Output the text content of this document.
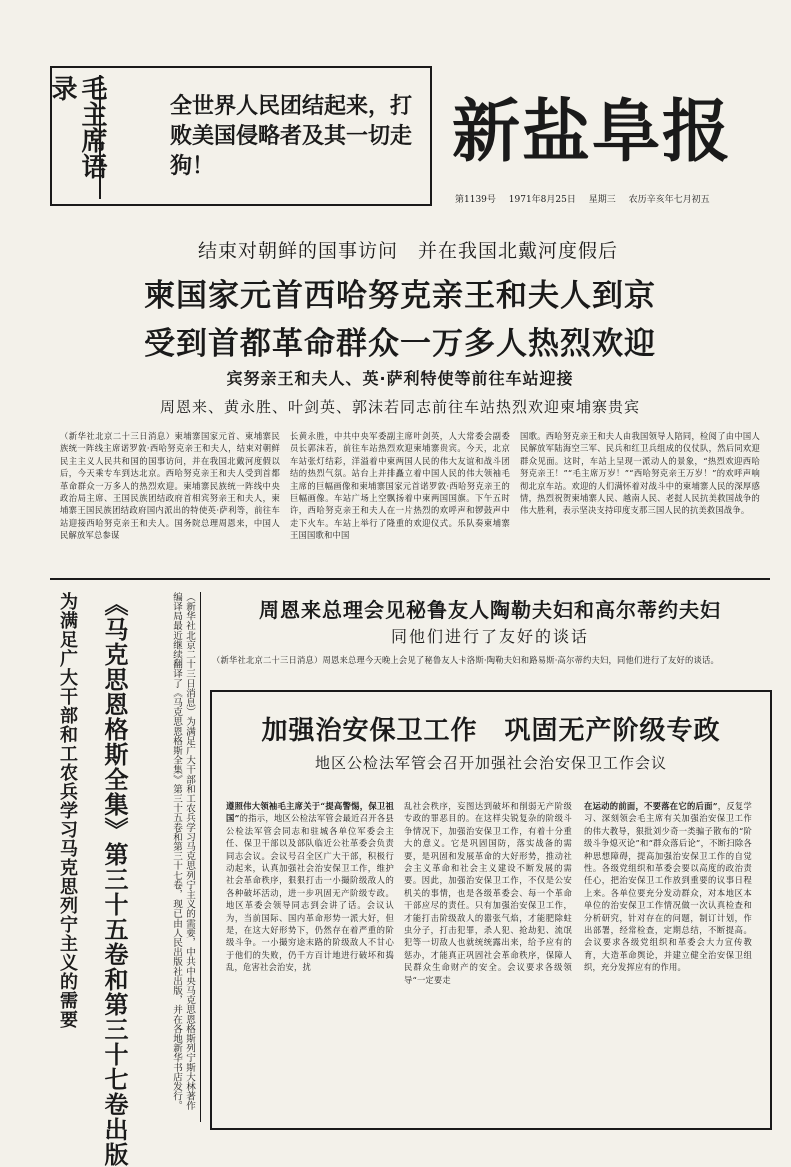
毛主席语录
全世界人民团结起来，打败美国侵略者及其一切走狗！	新盐阜报
第1139号 1971年8月25日 星期三 农历辛亥年七月初五
结束对朝鲜的国事访问　并在我国北戴河度假后
柬国家元首西哈努克亲王和夫人到京
受到首都革命群众一万多人热烈欢迎
宾努亲王和夫人、英·萨利特使等前往车站迎接
周恩来、黄永胜、叶剑英、郭沫若同志前往车站热烈欢迎柬埔寨贵宾
（新华社北京二十三日消息）柬埔寨国家元首、柬埔寨民族统一阵线主席诺罗敦·西哈努克亲王和夫人，结束对朝鲜民主主义人民共和国的国事访问，并在我国北戴河度假以后，今天乘专车到达北京。西哈努克亲王和夫人受到首都革命群众一万多人的热烈欢迎。柬埔寨民族统一阵线中央政治局主席、王国民族团结政府首相宾努亲王和夫人，柬埔寨王国民族团结政府国内派出的特使英·萨利等，前往车站迎接西哈努克亲王和夫人。国务院总理周恩来，中国人民解放军总参谋
长黄永胜，中共中央军委副主席叶剑英，人大常委会副委员长郭沫若，前往车站热烈欢迎柬埔寨贵宾。今天，北京车站张灯结彩，洋溢着中柬两国人民的伟大友谊和战斗团结的热烈气氛。站台上并排矗立着中国人民的伟大领袖毛主席的巨幅画像和柬埔寨国家元首诺罗敦·西哈努克亲王的巨幅画像。车站广场上空飘扬着中柬两国国旗。下午五时许，西哈努克亲王和夫人在一片热烈的欢呼声和锣鼓声中走下火车。车站上举行了隆重的欢迎仪式。乐队奏柬埔寨王国国歌和中国
国歌。西哈努克亲王和夫人由我国领导人陪同，检阅了由中国人民解放军陆海空三军、民兵和红卫兵组成的仪仗队，然后同欢迎群众见面。这时，车站上呈现一派动人的景象，“热烈欢迎西哈努克亲王！”“毛主席万岁！”“西哈努克亲王万岁！”的欢呼声响彻北京车站。欢迎的人们满怀着对战斗中的柬埔寨人民的深厚感情，热烈祝贺柬埔寨人民、越南人民、老挝人民抗美救国战争的伟大胜利，表示坚决支持印度支那三国人民的抗美救国战争。
为满足广大干部和工农兵学习马克思列宁主义的需要 《马克思恩格斯全集》第三十五卷和第三十七卷出版	（新华社北京二十三日消息）为满足广大干部和工农兵学习马克思列宁主义的需要，中共中央马克思恩格斯列宁斯大林著作编译局最近继续翻译了《马克思恩格斯全集》第三十五卷和第三十七卷，现已由人民出版社出版，并在各地新华书店发行。	周恩来总理会见秘鲁友人陶勒夫妇和高尔蒂约夫妇
同他们进行了友好的谈话
（新华社北京二十三日消息）周恩来总理今天晚上会见了秘鲁友人卡洛斯·陶勒夫妇和路易斯·高尔蒂约夫妇，同他们进行了友好的谈话。
加强治安保卫工作　巩固无产阶级专政
地区公检法军管会召开加强社会治安保卫工作会议
遵照伟大领袖毛主席关于“提高警惕，保卫祖国”的指示，地区公检法军管会最近召开各县公检法军管会同志和驻城各单位军委会主任、保卫干部以及部队临近公社革委会负责同志会议。会议号召全区广大干部，积极行动起来，认真加强社会治安保卫工作，维护社会革命秩序，狠狠打击一小撮阶级敌人的各种破坏活动，进一步巩固无产阶级专政。地区革委会领导同志到会讲了话。会议认为，当前国际、国内革命形势一派大好，但是，在这大好形势下，仍然存在着严重的阶级斗争。一小撮穷途末路的阶级敌人不甘心于他们的失败，仍千方百计地进行破坏和捣乱，危害社会治安，扰
乱社会秩序，妄图达到破坏和削弱无产阶级专政的罪恶目的。在这样尖锐复杂的阶级斗争情况下，加强治安保卫工作，有着十分重大的意义。它是巩固国防，落实战备的需要，是巩固和发展革命的大好形势，推动社会主义革命和社会主义建设不断发展的需要。因此，加强治安保卫工作，不仅是公安机关的事情，也是各级革委会、每一个革命干部应尽的责任。只有加强治安保卫工作，才能打击阶级敌人的嚣张气焰，才能肥除蛀虫分子，打击犯罪，杀人犯、抢劫犯、流氓犯等一切敌人也就统统露出来，给予应有的惩办，才能真正巩固社会革命秩序，保障人民群众生命财产的安全。会议要求各级领导“一定要走
在运动的前面，不要落在它的后面”，反复学习、深刻领会毛主席有关加强治安保卫工作的伟大教导，狠批刘少奇一类骗子散布的“阶级斗争熄灭论”和“群众落后论”，不断扫除各种思想障碍，提高加强治安保卫工作的自觉性。各级党组织和革委会要以高度的政治责任心，把治安保卫工作放到重要的议事日程上来。各单位要充分发动群众，对本地区本单位的治安保卫工作情况做一次认真检查和分析研究，针对存在的问题，制订计划，作出部署，经常检查，定期总结，不断提高。会议要求各级党组织和革委会大力宣传教育，大造革命舆论，并建立健全治安保卫组织，充分发挥应有的作用。
